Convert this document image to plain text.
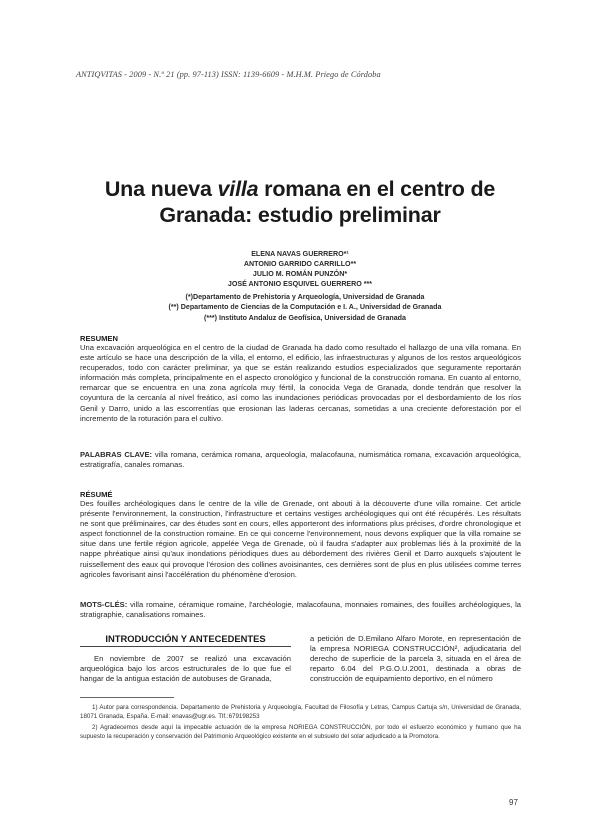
ANTIQVITAS - 2009 - N.º 21 (pp. 97-113) ISSN: 1139-6609 - M.H.M. Priego de Córdoba
Una nueva villa romana en el centro de
Granada: estudio preliminar
ELENA NAVAS GUERRERO*¹
ANTONIO GARRIDO CARRILLO**
JULIO M. ROMÁN PUNZÓN*
JOSÉ ANTONIO ESQUIVEL GUERRERO ***
(*)Departamento de Prehistoria y Arqueología, Universidad de Granada
(**) Departamento de Ciencias de la Computación e I. A., Universidad de Granada
(***) Instituto Andaluz de Geofísica, Universidad de Granada
RESUMEN
Una excavación arqueológica en el centro de la ciudad de Granada ha dado como resultado el hallazgo de una villa romana. En este artículo se hace una descripción de la villa, el entorno, el edificio, las infraestructuras y algunos de los restos arqueológicos recuperados, todo con carácter preliminar, ya que se están realizando estudios especializados que seguramente reportarán información más completa, principalmente en el aspecto cronológico y funcional de la construcción romana. En cuanto al entorno, remarcar que se encuentra en una zona agrícola muy fértil, la conocida Vega de Granada, donde tendrán que resolver la coyuntura de la cercanía al nivel freático, así como las inundaciones periódicas provocadas por el desbordamiento de los ríos Genil y Darro, unido a las escorrentías que erosionan las laderas cercanas, sometidas a una creciente deforestación por el incremento de la roturación para el cultivo.
PALABRAS CLAVE: villa romana, cerámica romana, arqueología, malacofauna, numismática romana, excavación arqueológica, estratigrafía, canales romanas.
RÉSUMÉ
Des fouilles archéologiques dans le centre de la ville de Grenade, ont abouti à la découverte d'une villa romaine. Cet article présente l'environnement, la construction, l'infrastructure et certains vestiges archéologiques qui ont été récupérés. Les résultats ne sont que préliminaires, car des études sont en cours, elles apporteront des informations plus précises, d'ordre chronologique et aspect fonctionnel de la construction romaine. En ce qui concerne l'environnement, nous devons expliquer que la villa romaine se situe dans une fertile région agricole, appelée Vega de Grenade, où il faudra s'adapter aux problemas liés à la proximité de la nappe phréatique ainsi qu'aux inondations périodiques dues au débordement des rivières Genil et Darro auxquels s'ajoutent le ruissellement des eaux qui provoque l'érosion des collines avoisinantes, ces dernières sont de plus en plus utilisées comme terres agricoles favorisant ainsi l'accélération du phénomène d'erosion.
MOTS-CLÉS: villa romaine, céramique romaine, l'archéologie, malacofauna, monnaies romaines, des fouilles archéologiques, la stratigraphie, canalisations romaines.
INTRODUCCIÓN Y ANTECEDENTES
En noviembre de 2007 se realizó una excavación arqueológica bajo los arcos estructurales de lo que fue el hangar de la antigua estación de autobuses de Granada,
a petición de D.Emilano Alfaro Morote, en representación de la empresa NORIEGA CONSTRUCCIÓN², adjudicataria del derecho de superficie de la parcela 3, situada en el área de reparto 6.04 del P.G.O.U.2001, destinada a obras de construcción de equipamiento deportivo, en el número
1) Autor para correspondencia. Departamento de Prehistoria y Arqueología, Facultad de Filosofía y Letras, Campus Cartuja s/n, Universidad de Granada, 18071 Granada, España. E-mail: enavas@ugr.es. Tlf.:679198253
2) Agradecemos desde aquí la impecable actuación de la empresa NORIEGA CONSTRUCCIÓN, por todo el esfuerzo económico y humano que ha supuesto la recuperación y conservación del Patrimonio Arqueológico existente en el subsuelo del solar adjudicado a la Promotora.
97
